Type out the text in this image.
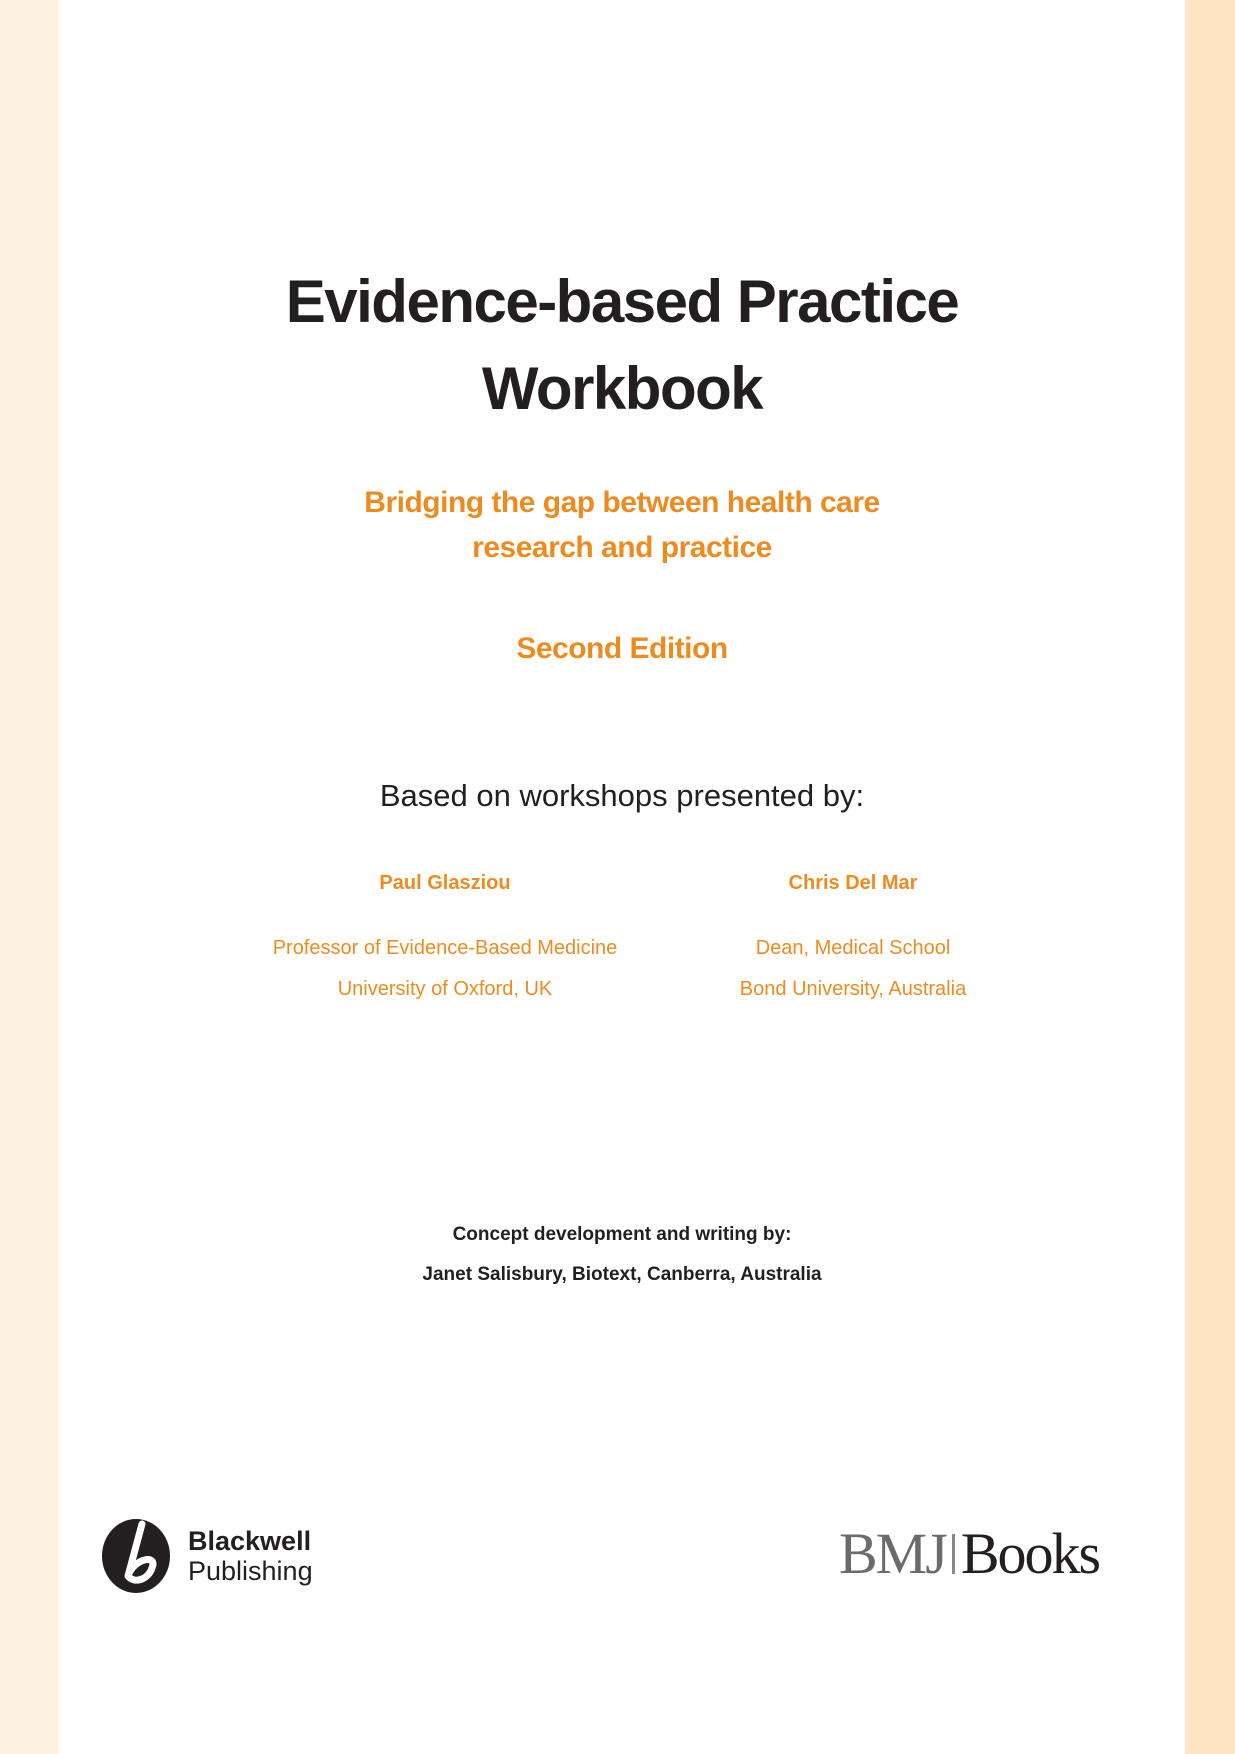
Evidence-based Practice
Workbook
Bridging the gap between health care
research and practice
Second Edition
Based on workshops presented by:
Paul Glasziou
Professor of Evidence-Based Medicine
University of Oxford, UK
Chris Del Mar
Dean, Medical School
Bond University, Australia
Concept development and writing by:
Janet Salisbury, Biotext, Canberra, Australia
Blackwell
Publishing	BMJ Books
